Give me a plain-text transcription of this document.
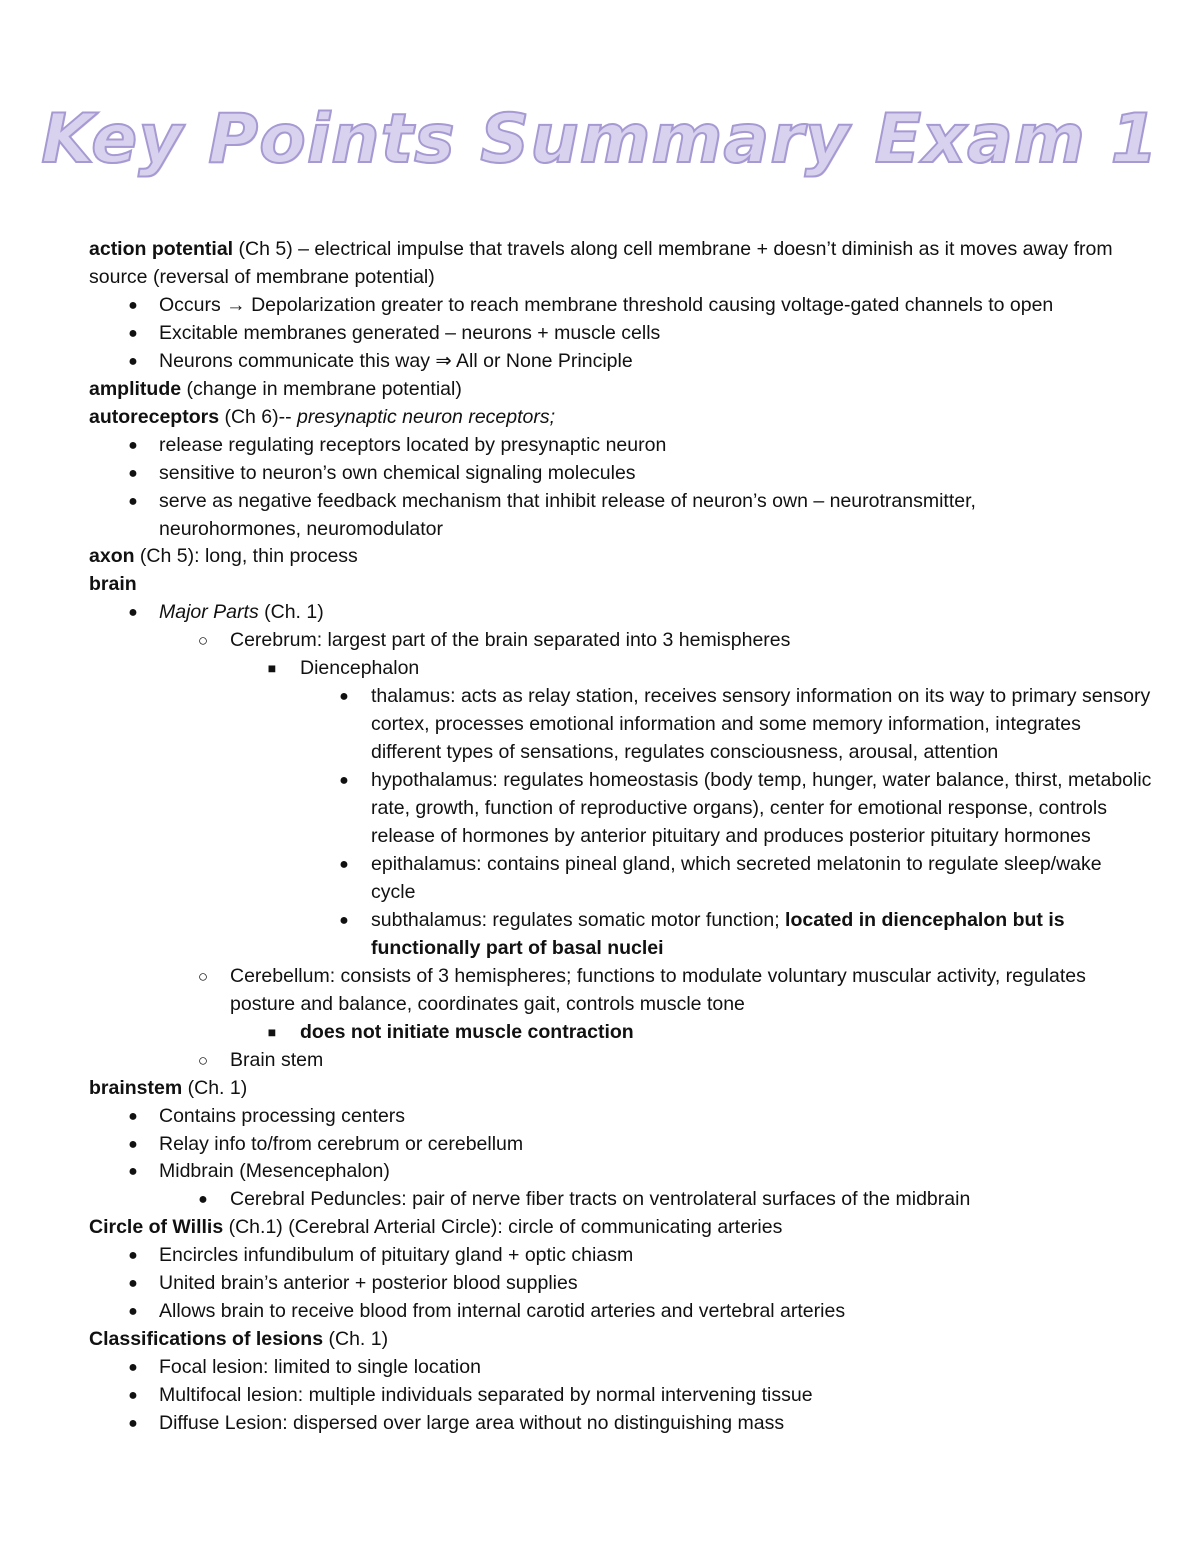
Key Points Summary Exam 1
action potential (Ch 5) – electrical impulse that travels along cell membrane + doesn’t diminish as it moves away from source (reversal of membrane potential)
● Occurs → Depolarization greater to reach membrane threshold causing voltage-gated channels to open
● Excitable membranes generated – neurons + muscle cells
● Neurons communicate this way ⇒ All or None Principle
amplitude (change in membrane potential)
autoreceptors (Ch 6)-- presynaptic neuron receptors;
● release regulating receptors located by presynaptic neuron
● sensitive to neuron’s own chemical signaling molecules
● serve as negative feedback mechanism that inhibit release of neuron’s own – neurotransmitter, neurohormones, neuromodulator
axon (Ch 5): long, thin process
brain
● Major Parts (Ch. 1)
○ Cerebrum: largest part of the brain separated into 3 hemispheres
■ Diencephalon
● thalamus: acts as relay station, receives sensory information on its way to primary sensory cortex, processes emotional information and some memory information, integrates different types of sensations, regulates consciousness, arousal, attention
● hypothalamus: regulates homeostasis (body temp, hunger, water balance, thirst, metabolic rate, growth, function of reproductive organs), center for emotional response, controls release of hormones by anterior pituitary and produces posterior pituitary hormones
● epithalamus: contains pineal gland, which secreted melatonin to regulate sleep/wake cycle
● subthalamus: regulates somatic motor function; located in diencephalon but is functionally part of basal nuclei
○ Cerebellum: consists of 3 hemispheres; functions to modulate voluntary muscular activity, regulates posture and balance, coordinates gait, controls muscle tone
■ does not initiate muscle contraction
○ Brain stem
brainstem (Ch. 1)
● Contains processing centers
● Relay info to/from cerebrum or cerebellum
● Midbrain (Mesencephalon)
● Cerebral Peduncles: pair of nerve fiber tracts on ventrolateral surfaces of the midbrain
Circle of Willis (Ch.1) (Cerebral Arterial Circle): circle of communicating arteries
● Encircles infundibulum of pituitary gland + optic chiasm
● United brain’s anterior + posterior blood supplies
● Allows brain to receive blood from internal carotid arteries and vertebral arteries
Classifications of lesions (Ch. 1)
● Focal lesion: limited to single location
● Multifocal lesion: multiple individuals separated by normal intervening tissue
● Diffuse Lesion: dispersed over large area without no distinguishing mass
